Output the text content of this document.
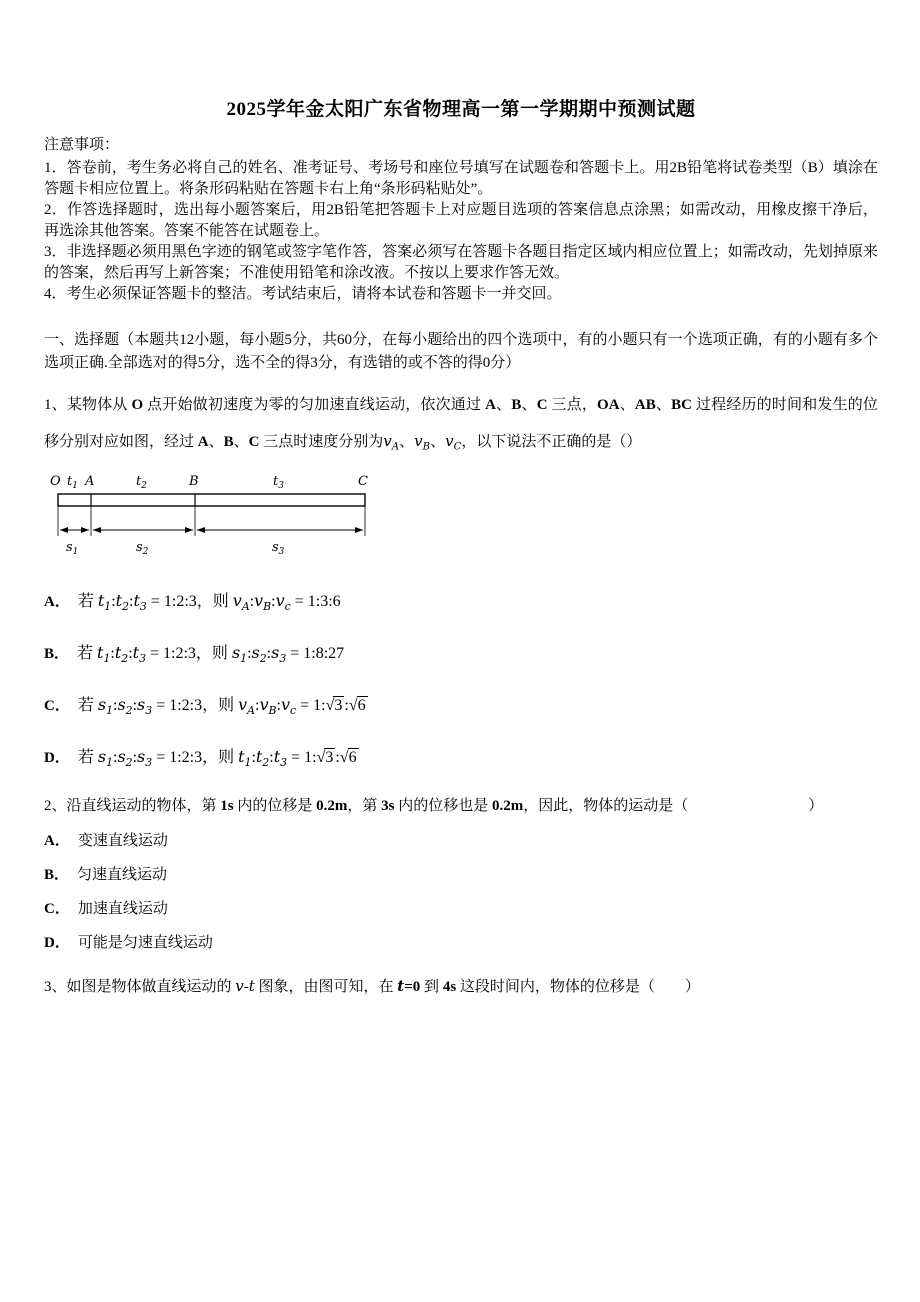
2025学年金太阳广东省物理高一第一学期期中预测试题

注意事项：

1．答卷前，考生务必将自己的姓名、准考证号、考场号和座位号填写在试题卷和答题卡上。用2B铅笔将试卷类型（B）填涂在答题卡相应位置上。将条形码粘贴在答题卡右上角“条形码粘贴处”。

2．作答选择题时，选出每小题答案后，用2B铅笔把答题卡上对应题目选项的答案信息点涂黑；如需改动，用橡皮擦干净后，再选涂其他答案。答案不能答在试题卷上。

3．非选择题必须用黑色字迹的钢笔或签字笔作答，答案必须写在答题卡各题目指定区域内相应位置上；如需改动，先划掉原来的答案，然后再写上新答案；不准使用铅笔和涂改液。不按以上要求作答无效。

4．考生必须保证答题卡的整洁。考试结束后，请将本试卷和答题卡一并交回。

一、选择题（本题共12小题，每小题5分，共60分，在每小题给出的四个选项中，有的小题只有一个选项正确，有的小题有多个选项正确.全部选对的得5分，选不全的得3分，有选错的或不答的得0分）

1、某物体从 O 点开始做初速度为零的匀加速直线运动，依次通过 A、B、C 三点，OA、AB、BC 过程经历的时间和发生的位移分别对应如图，经过 A、B、C 三点时速度分别为$v_A$、$v_B$、$v_C$，以下说法不正确的是（）

O $t_1$ A	$t_2$	B	$t_3$	C
$s_1$	$s_2$	$s_3$

A． 若 $t_1:t_2:t_3$ = 1:2:3，则 $v_A:v_B:v_c$ = 1:3:6

B． 若 $t_1:t_2:t_3$ = 1:2:3，则 $s_1:s_2:s_3$ = 1:8:27

C． 若 $s_1:s_2:s_3$ = 1:2:3，则 $v_A:v_B:v_c$ = 1:√3 :√6

D． 若 $s_1:s_2:s_3$ = 1:2:3，则 $t_1:t_2:t_3$ = 1:√3 :√6

2、沿直线运动的物体，第 1s 内的位移是 0.2m，第 3s 内的位移也是 0.2m，因此，物体的运动是（　　　　　　　　）

A． 变速直线运动

B． 匀速直线运动

C． 加速直线运动

D． 可能是匀速直线运动

3、如图是物体做直线运动的 v-t 图象，由图可知，在 t=0 到 4s 这段时间内，物体的位移是（　　）
